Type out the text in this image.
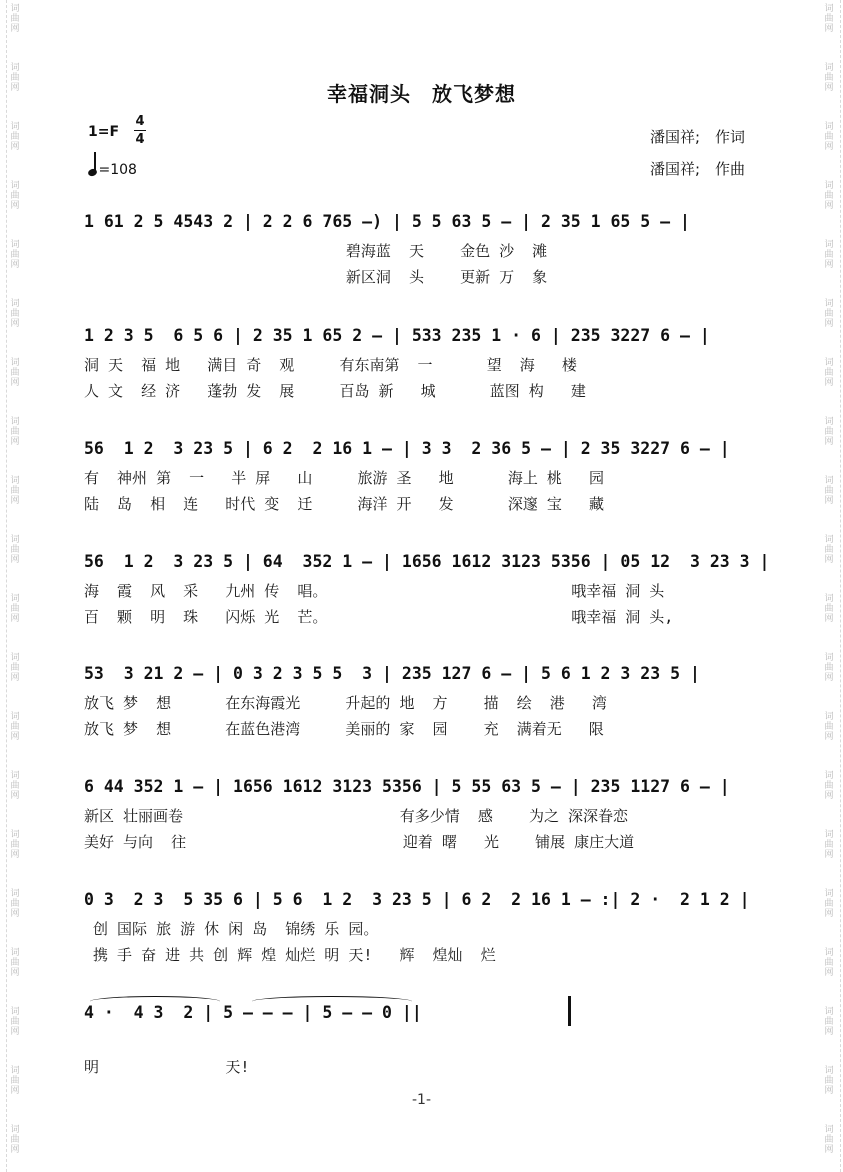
词
曲
网
词
曲
网
词
曲
网
词
曲
网
词
曲
网
词
曲
网
词
曲
网
词
曲
网
词
曲
网
词
曲
网
词
曲
网
词
曲
网
词
曲
网
词
曲
网
词
曲
网
词
曲
网
词
曲
网
词
曲
网
词
曲
网
词
曲
网
词
曲
网
词
曲
网
词
曲
网
词
曲
网
词
曲
网
词
曲
网
词
曲
网
词
曲
网
词
曲
网
词
曲
网
词
曲
网
词
曲
网
词
曲
网
词
曲
网
词
曲
网
词
曲
网
词
曲
网
词
曲
网
词
曲
网
词
曲
网
幸福洞头　放飞梦想
1=F
4
4
=108
潘国祥;　作词
潘国祥;　作曲
1 61 2 5 4543 2 | 2 2 6 765 –) | 5 5 63 5 – | 2 35 1 65 5 – |
碧海蓝  天    金色 沙  滩
新区洞  头    更新 万  象
1 2 3 5  6 5 6 | 2 35 1 65 2 – | 533 235 1 · 6 | 235 3227 6 – |
洞 天  福 地   满目 奇  观     有东南第  一      望  海   楼
人 文  经 济   蓬勃 发  展     百岛 新   城      蓝图 构   建
56  1 2  3 23 5 | 6 2  2 16 1 – | 3 3  2 36 5 – | 2 35 3227 6 – |
有  神州 第  一   半 屏   山     旅游 圣   地      海上 桃   园
陆  岛  相  连   时代 变  迁     海洋 开   发      深邃 宝   藏
56  1 2  3 23 5 | 64  352 1 – | 1656 1612 3123 5356 | 05 12  3 23 3 |
海  霞  风  采   九州 传  唱。                           哦幸福 洞 头
百  颗  明  珠   闪烁 光  芒。                           哦幸福 洞 头,
53  3 21 2 – | 0 3 2 3 5 5  3 | 235 127 6 – | 5 6 1 2 3 23 5 |
放飞 梦  想      在东海霞光     升起的 地  方    描  绘  港   湾
放飞 梦  想      在蓝色港湾     美丽的 家  园    充  满着无   限
6 44 352 1 – | 1656 1612 3123 5356 | 5 55 63 5 – | 235 1127 6 – |
新区 壮丽画卷                        有多少情  感    为之 深深眷恋
美好 与向  往                        迎着 曙   光    铺展 康庄大道
0 3  2 3  5 35 6 | 5 6  1 2  3 23 5 | 6 2  2 16 1 – :| 2 ·  2 1 2 |
创 国际 旅 游 休 闲 岛  锦绣 乐 园。
携 手 奋 进 共 创 辉 煌 灿烂 明 天!   辉  煌灿  烂
4 ·  4 3  2 | 5 – – – | 5 – – 0 ||
明              天!
-1-
